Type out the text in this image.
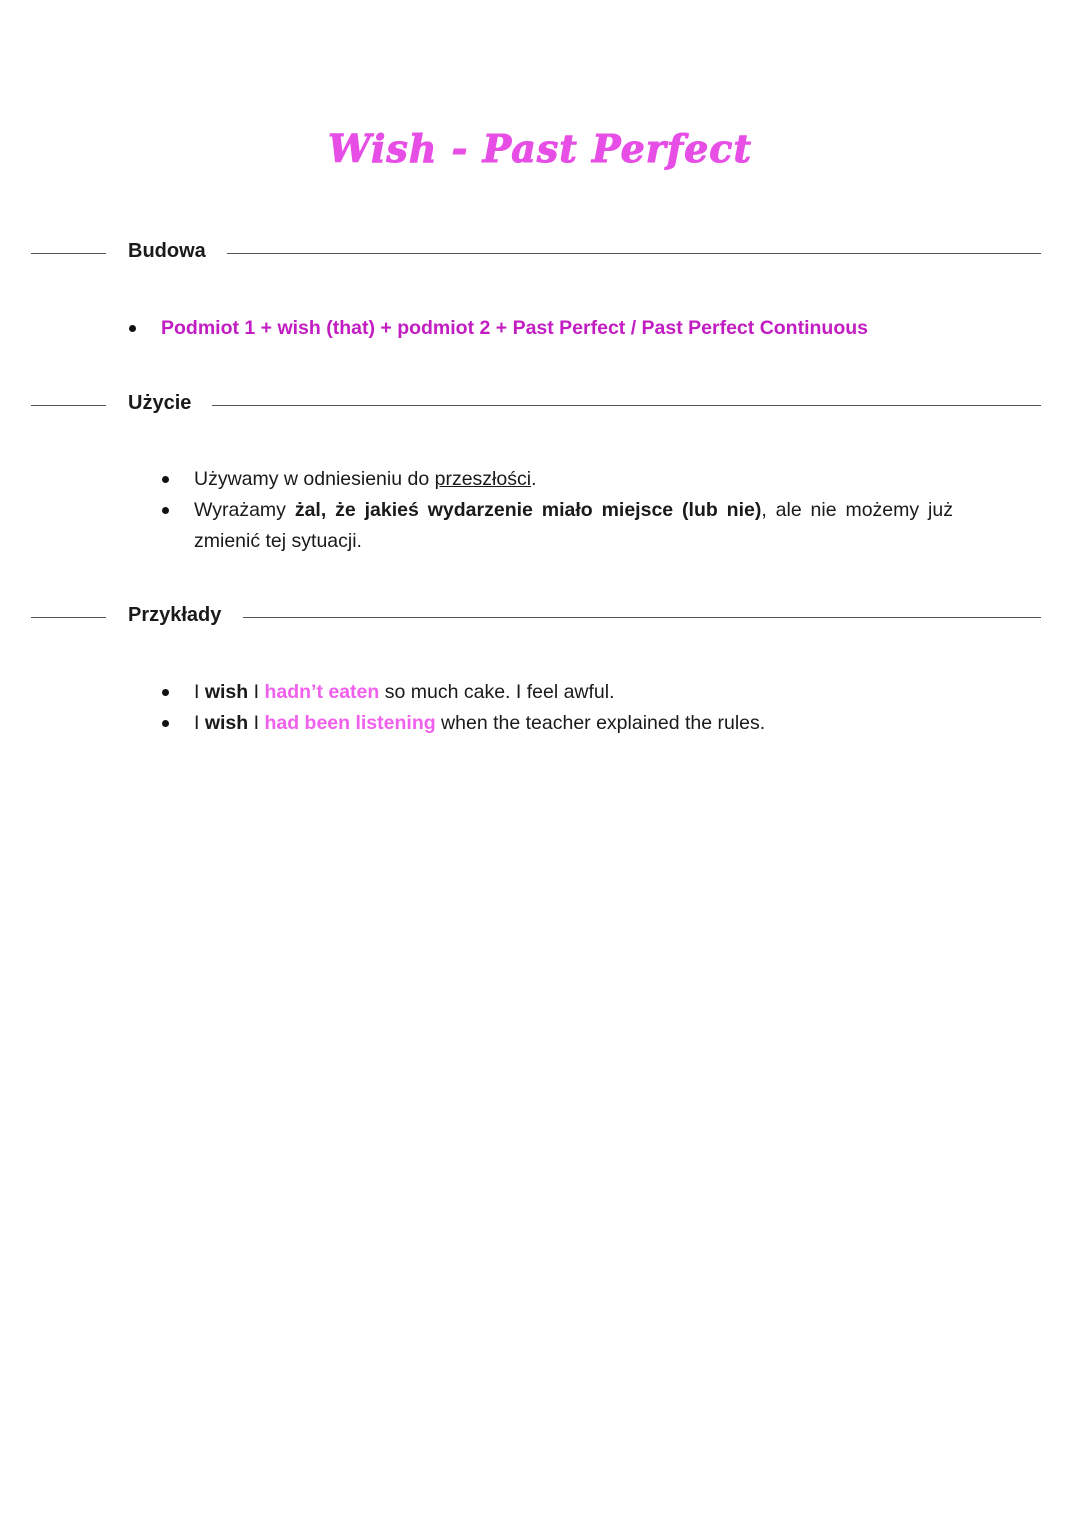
Wish - Past Perfect
Budowa
Podmiot 1 + wish (that) + podmiot 2 + Past Perfect / Past Perfect Continuous
Użycie
Używamy w odniesieniu do przeszłości.
Wyrażamy żal, że jakieś wydarzenie miało miejsce (lub nie), ale nie możemy już zmienić tej sytuacji.
Przykłady
I wish I hadn’t eaten so much cake. I feel awful.
I wish I had been listening when the teacher explained the rules.
